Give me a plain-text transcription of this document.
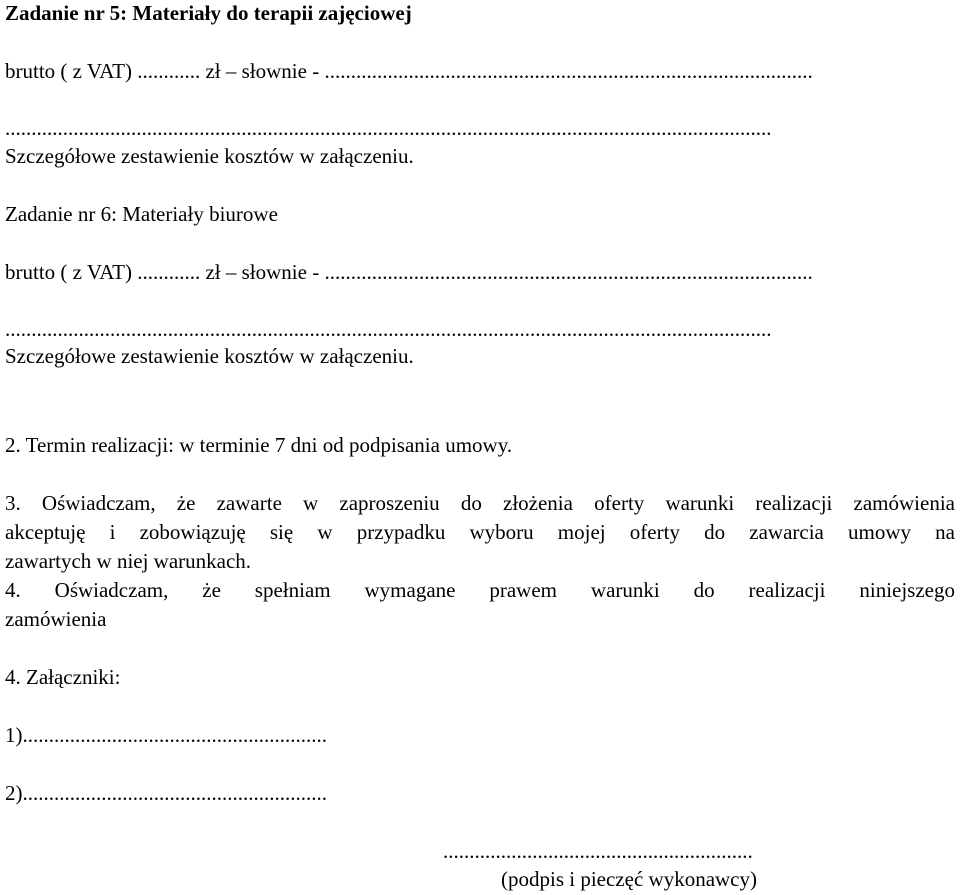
Zadanie nr 5: Materiały do terapii zajęciowej
brutto ( z VAT) ............ zł – słownie - .............................................................................................
..................................................................................................................................................
Szczegółowe zestawienie kosztów w załączeniu.
Zadanie nr 6: Materiały biurowe
brutto ( z VAT) ............ zł – słownie - .............................................................................................
..................................................................................................................................................
Szczegółowe zestawienie kosztów w załączeniu.
2. Termin realizacji: w terminie 7 dni od podpisania umowy.
3. Oświadczam, że zawarte w zaproszeniu do złożenia oferty warunki realizacji zamówienia
akceptuję i zobowiązuję się w przypadku wyboru mojej oferty do zawarcia umowy na
zawartych w niej warunkach.
4. Oświadczam, że spełniam wymagane prawem warunki do realizacji niniejszego
zamówienia
4. Załączniki:
1)..........................................................
2)..........................................................
...........................................................
(podpis i pieczęć wykonawcy)
